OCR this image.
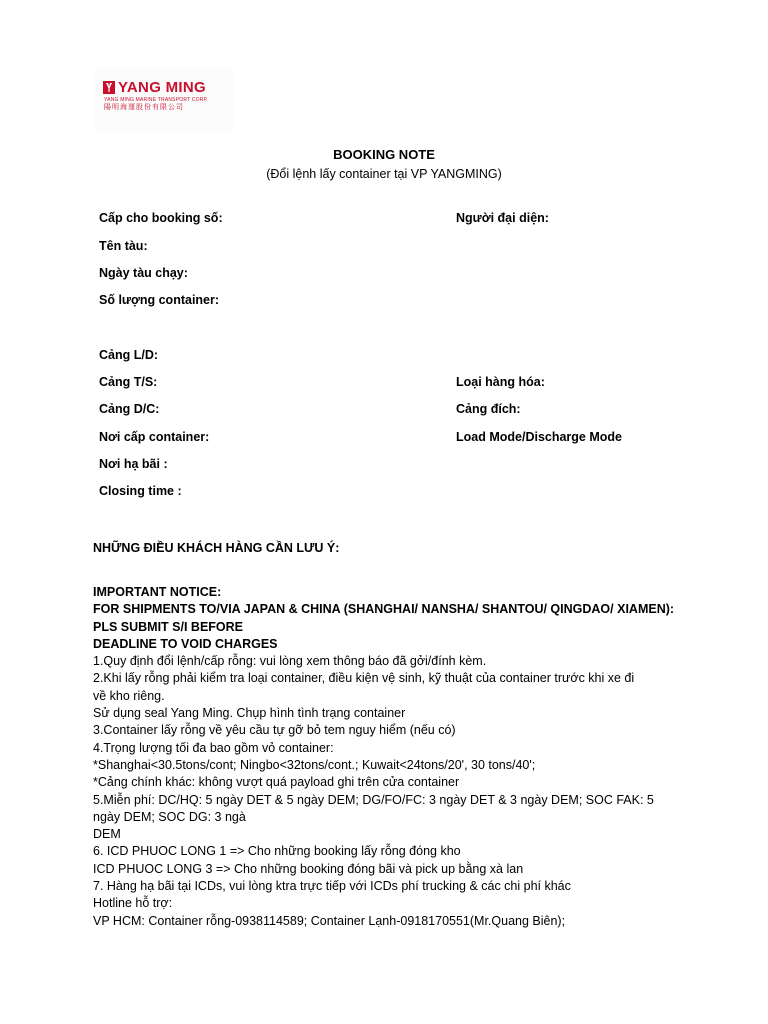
YANG MING
YANG MING MARINE TRANSPORT CORP.
陽明海運股份有限公司
BOOKING NOTE
(Đổi lệnh lấy container tại VP YANGMING)
Cấp cho booking số:	Người đại diện:
Tên tàu:
Ngày tàu chạy:
Số lượng container:
Cảng L/D:
Cảng T/S:	Loại hàng hóa:
Cảng D/C:	Cảng đích:
Nơi cấp container:	Load Mode/Discharge Mode
Nơi hạ bãi :
Closing time :
NHỮNG ĐIỀU KHÁCH HÀNG CẦN LƯU Ý:
IMPORTANT NOTICE:
FOR SHIPMENTS TO/VIA JAPAN & CHINA (SHANGHAI/ NANSHA/ SHANTOU/ QINGDAO/ XIAMEN):
PLS SUBMIT S/I BEFORE
DEADLINE TO VOID CHARGES
1.Quy định đổi lệnh/cấp rỗng: vui lòng xem thông báo đã gởi/đính kèm.
2.Khi lấy rỗng phải kiểm tra loại container, điều kiện vệ sinh, kỹ thuật của container trước khi xe đi
về kho riêng.
Sử dụng seal Yang Ming. Chụp hình tình trạng container
3.Container lấy rỗng về yêu cầu tự gỡ bỏ tem nguy hiểm (nếu có)
4.Trọng lượng tối đa bao gồm vỏ container:
*Shanghai<30.5tons/cont; Ningbo<32tons/cont.; Kuwait<24tons/20', 30 tons/40';
*Cảng chính khác: không vượt quá payload ghi trên cửa container
5.Miễn phí: DC/HQ: 5 ngày DET & 5 ngày DEM; DG/FO/FC: 3 ngày DET & 3 ngày DEM; SOC FAK: 5
ngày DEM; SOC DG: 3 ngà
DEM
6. ICD PHUOC LONG 1 => Cho những booking lấy rỗng đóng kho
ICD PHUOC LONG 3 => Cho những booking đóng bãi và pick up bằng xà lan
7. Hàng hạ bãi tại ICDs, vui lòng ktra trực tiếp với ICDs phí trucking & các chi phí khác
Hotline hỗ trợ:
VP HCM: Container rỗng-0938114589; Container Lạnh-0918170551(Mr.Quang Biên);
